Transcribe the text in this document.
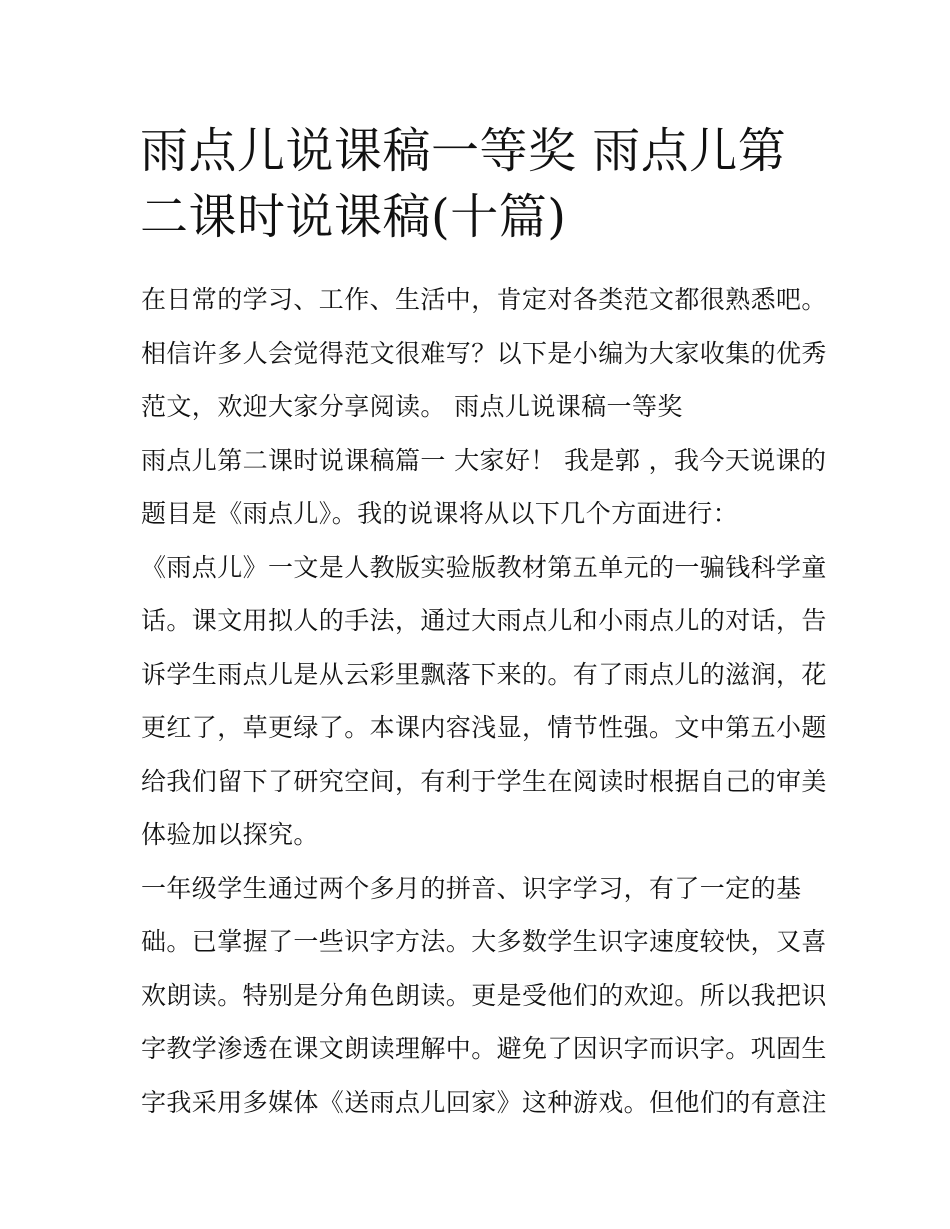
雨点儿说课稿一等奖 雨点儿第
二课时说课稿(十篇)
在日常的学习、工作、生活中，肯定对各类范文都很熟悉吧。
相信许多人会觉得范文很难写？以下是小编为大家收集的优秀
范文，欢迎大家分享阅读。 雨点儿说课稿一等奖
雨点儿第二课时说课稿篇一 大家好！ 我是郭 ，我今天说课的
题目是《雨点儿》。我的说课将从以下几个方面进行：
《雨点儿》一文是人教版实验版教材第五单元的一骗钱科学童
话。课文用拟人的手法，通过大雨点儿和小雨点儿的对话，告
诉学生雨点儿是从云彩里飘落下来的。有了雨点儿的滋润，花
更红了，草更绿了。本课内容浅显，情节性强。文中第五小题
给我们留下了研究空间，有利于学生在阅读时根据自己的审美
体验加以探究。
一年级学生通过两个多月的拼音、识字学习，有了一定的基
础。已掌握了一些识字方法。大多数学生识字速度较快，又喜
欢朗读。特别是分角色朗读。更是受他们的欢迎。所以我把识
字教学渗透在课文朗读理解中。避免了因识字而识字。巩固生
字我采用多媒体《送雨点儿回家》这种游戏。但他们的有意注
